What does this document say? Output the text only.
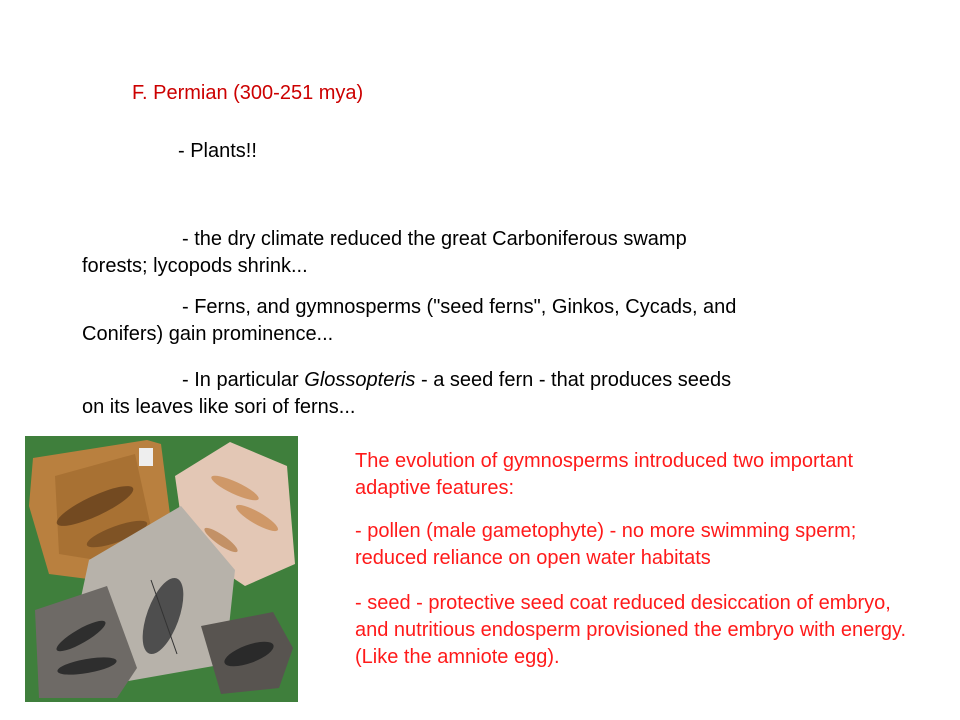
F. Permian (300-251 mya)
- Plants!!
- the dry climate reduced the great Carboniferous swamp forests; lycopods shrink...
- Ferns, and gymnosperms ("seed ferns", Ginkos, Cycads, and Conifers) gain prominence...
- In particular Glossopteris - a seed fern - that produces seeds on its leaves like sori of ferns...
The evolution of gymnosperms introduced two important adaptive features:
- pollen (male gametophyte) - no more swimming sperm; reduced reliance on open water habitats
- seed - protective seed coat reduced desiccation of embryo, and nutritious endosperm provisioned the embryo with energy. (Like the amniote egg).
